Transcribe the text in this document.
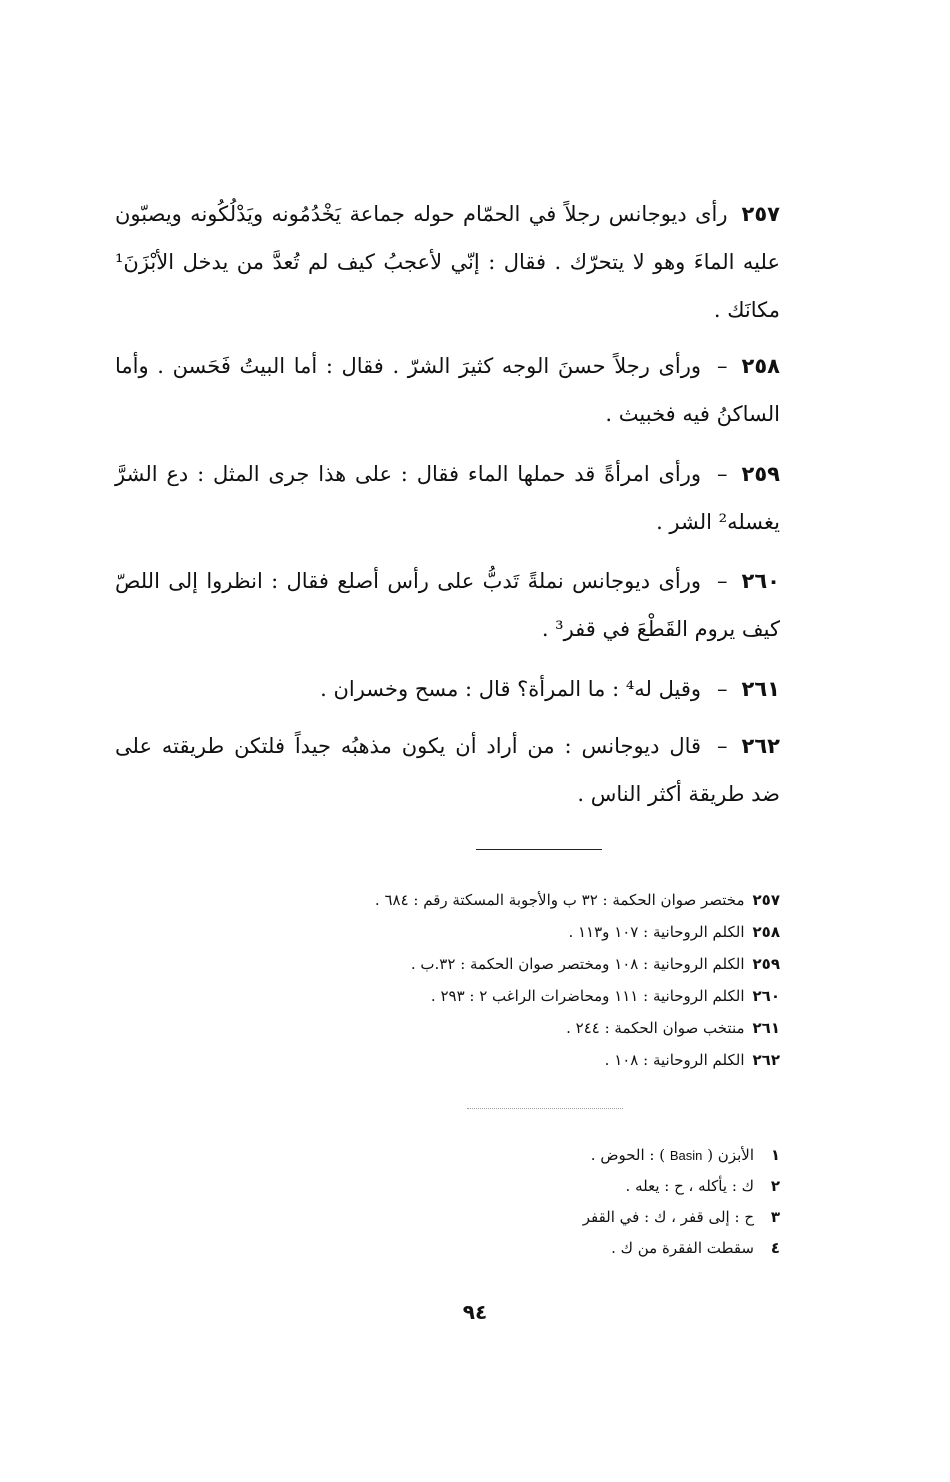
٢٥٧رأى ديوجانس رجلاً في الحمّام حوله جماعة يَخْدُمُونه ويَدْلُكُونه ويصبّون عليه الماءَ وهو لا يتحرّك . فقال : إنّي لأعجبُ كيف لم تُعدَّ من يدخل الأبْزَنَ¹ مكانَك .
٢٥٨–ورأى رجلاً حسنَ الوجه كثيرَ الشرّ . فقال : أما البيتُ فَحَسن . وأما الساكنُ فيه فخبيث .
٢٥٩–ورأى امرأةً قد حملها الماء فقال : على هذا جرى المثل : دع الشرَّ يغسله² الشر .
٢٦٠–ورأى ديوجانس نملةً تَدبُّ على رأس أصلع فقال : انظروا إلى اللصّ كيف يروم القَطْعَ في قفر³ .
٢٦١–وقيل له⁴ : ما المرأة؟ قال : مسح وخسران .
٢٦٢–قال ديوجانس : من أراد أن يكون مذهبُه جيداً فلتكن طريقته على ضد طريقة أكثر الناس .
٢٥٧مختصر صوان الحكمة : ٣٢ ب والأجوبة المسكتة رقم : ٦٨٤ .
٢٥٨الكلم الروحانية : ١٠٧ و١١٣ .
٢٥٩الكلم الروحانية : ١٠٨ ومختصر صوان الحكمة : ٣٢.ب .
٢٦٠الكلم الروحانية : ١١١ ومحاضرات الراغب ٢ : ٢٩٣ .
٢٦١منتخب صوان الحكمة : ٢٤٤ .
٢٦٢الكلم الروحانية : ١٠٨ .
١الأبزن ( Basin ) : الحوض .
٢ك : يأكله ، ح : يعله .
٣ح : إلى قفر ، ك : في القفر
٤سقطت الفقرة من ك .
٩٤
